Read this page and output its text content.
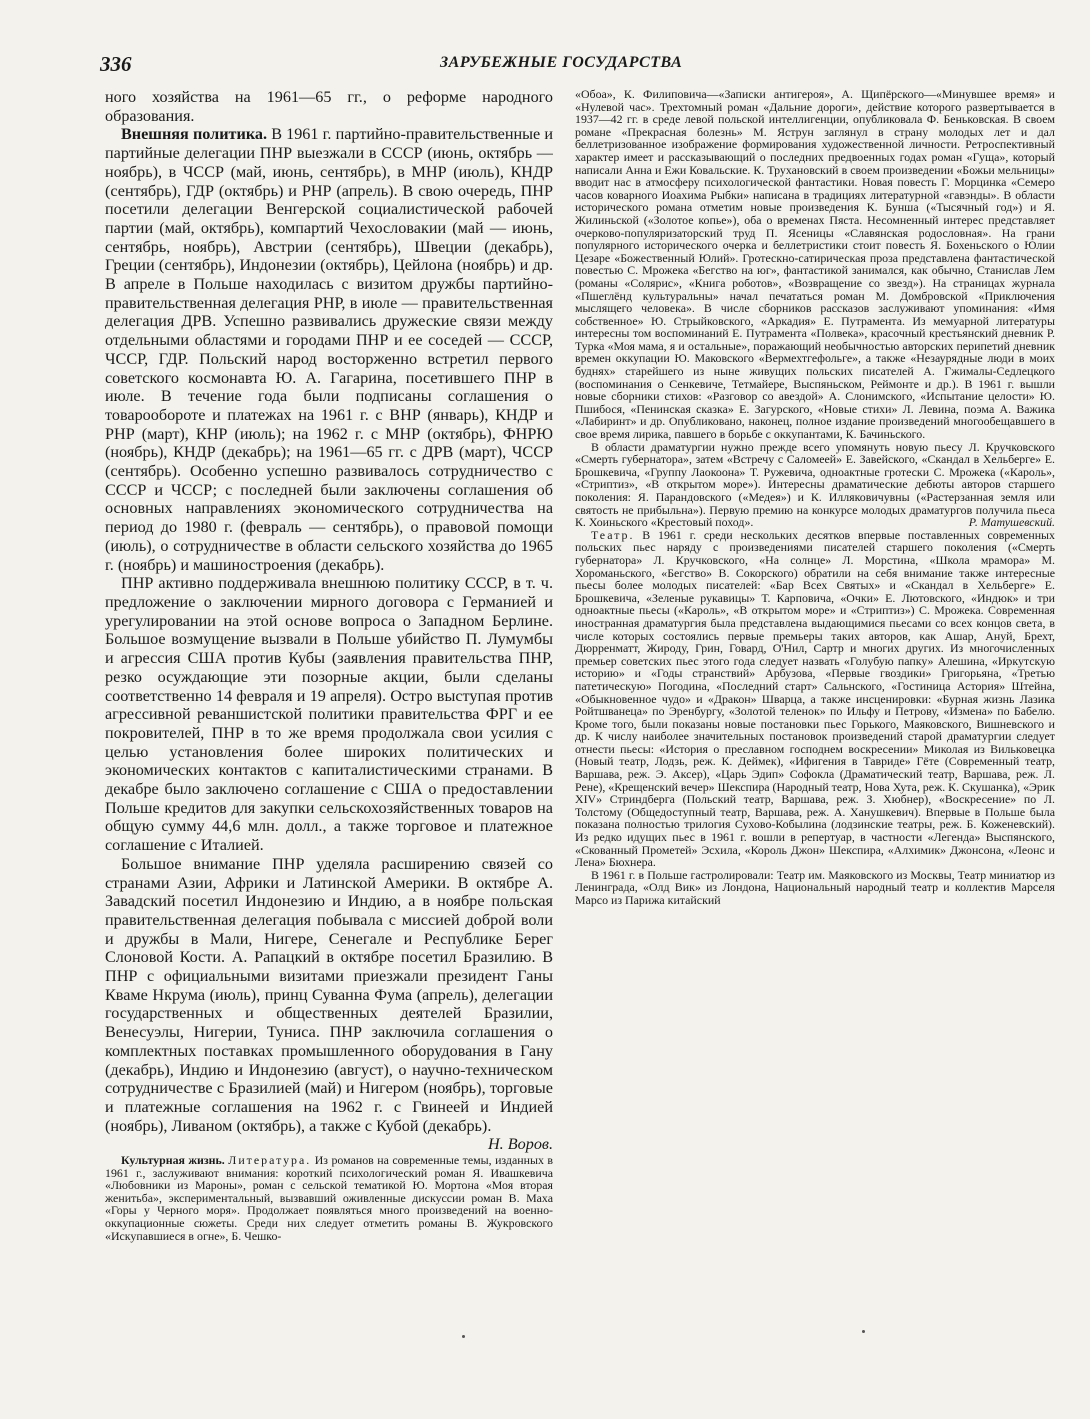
336	ЗАРУБЕЖНЫЕ ГОСУДАРСТВА

ного хозяйства на 1961—65 гг., о реформе народного образования.

Внешняя политика. В 1961 г. партийно-правительственные и партийные делегации ПНР выезжали в СССР (июнь, октябрь — ноябрь), в ЧССР (май, июнь, сентябрь), в МНР (июль), КНДР (сентябрь), ГДР (октябрь) и РНР (апрель). В свою очередь, ПНР посетили делегации Венгерской социалистической рабочей партии (май, октябрь), компартий Чехословакии (май — июнь, сентябрь, ноябрь), Австрии (сентябрь), Швеции (декабрь), Греции (сентябрь), Индонезии (октябрь), Цейлона (ноябрь) и др. В апреле в Польше находилась с визитом дружбы партийно-правительственная делегация РНР, в июле — правительственная делегация ДРВ. Успешно развивались дружеские связи между отдельными областями и городами ПНР и ее соседей — СССР, ЧССР, ГДР. Польский народ восторженно встретил первого советского космонавта Ю. А. Гагарина, посетившего ПНР в июле. В течение года были подписаны соглашения о товарообороте и платежах на 1961 г. с ВНР (январь), КНДР и РНР (март), КНР (июль); на 1962 г. с МНР (октябрь), ФНРЮ (ноябрь), КНДР (декабрь); на 1961—65 гг. с ДРВ (март), ЧССР (сентябрь). Особенно успешно развивалось сотрудничество с СССР и ЧССР; с последней были заключены соглашения об основных направлениях экономического сотрудничества на период до 1980 г. (февраль — сентябрь), о правовой помощи (июль), о сотрудничестве в области сельского хозяйства до 1965 г. (ноябрь) и машиностроения (декабрь).

ПНР активно поддерживала внешнюю политику СССР, в т. ч. предложение о заключении мирного договора с Германией и урегулировании на этой основе вопроса о Западном Берлине. Большое возмущение вызвали в Польше убийство П. Лумумбы и агрессия США против Кубы (заявления правительства ПНР, резко осуждающие эти позорные акции, были сделаны соответственно 14 февраля и 19 апреля). Остро выступая против агрессивной реваншистской политики правительства ФРГ и ее покровителей, ПНР в то же время продолжала свои усилия с целью установления более широких политических и экономических контактов с капиталистическими странами. В декабре было заключено соглашение с США о предоставлении Польше кредитов для закупки сельскохозяйственных товаров на общую сумму 44,6 млн. долл., а также торговое и платежное соглашение с Италией.

Большое внимание ПНР уделяла расширению связей со странами Азии, Африки и Латинской Америки. В октябре А. Завадский посетил Индонезию и Индию, а в ноябре польская правительственная делегация побывала с миссией доброй воли и дружбы в Мали, Нигере, Сенегале и Республике Берег Слоновой Кости. А. Рапацкий в октябре посетил Бразилию. В ПНР с официальными визитами приезжали президент Ганы Кваме Нкрума (июль), принц Суванна Фума (апрель), делегации государственных и общественных деятелей Бразилии, Венесуэлы, Нигерии, Туниса. ПНР заключила соглашения о комплектных поставках промышленного оборудования в Гану (декабрь), Индию и Индонезию (август), о научно-техническом сотрудничестве с Бразилией (май) и Нигером (ноябрь), торговые и платежные соглашения на 1962 г. с Гвинеей и Индией (ноябрь), Ливаном (октябрь), а также с Кубой (декабрь).

Н. Воров.

Культурная жизнь. Литература. Из романов на современные темы, изданных в 1961 г., заслуживают внимания: короткий психологический роман Я. Ивашкевича «Любовники из Мароны», роман с сельской тематикой Ю. Мортона «Моя вторая женитьба», экспериментальный, вызвавший оживленные дискуссии роман В. Маха «Горы у Черного моря». Продолжает появляться много произведений на военно-оккупационные сюжеты. Среди них следует отметить романы В. Жукровского «Искупавшиеся в огне», Б. Чешко-

«Обоа», К. Филиповича—«Записки антигероя», А. Щипёрского—«Минувшее время» и «Нулевой час». Трехтомный роман «Дальние дороги», действие которого развертывается в 1937—42 гг. в среде левой польской интеллигенции, опубликовала Ф. Беньковская. В своем романе «Прекрасная болезнь» М. Яструн заглянул в страну молодых лет и дал беллетризованное изображение формирования художественной личности. Ретроспективный характер имеет и рассказывающий о последних предвоенных годах роман «Гуща», который написали Анна и Ежи Ковальские. К. Трухановский в своем произведении «Божьи мельницы» вводит нас в атмосферу психологической фантастики. Новая повесть Г. Морцинка «Семеро часов коварного Иоахима Рыбки» написана в традициях литературной «гавэнды». В области исторического романа отметим новые произведения К. Бунша («Тысячный год») и Я. Жилиньской («Золотое копье»), оба о временах Пяста. Несомненный интерес представляет очерково-популяризаторский труд П. Ясеницы «Славянская родословная». На грани популярного исторического очерка и беллетристики стоит повесть Я. Бохеньского о Юлии Цезаре «Божественный Юлий». Гротескно-сатирическая проза представлена фантастической повестью С. Мрожека «Бегство на юг», фантастикой занимался, как обычно, Станислав Лем (романы «Солярис», «Книга роботов», «Возвращение со звезд»). На страницах журнала «Пшеглёнд культуральны» начал печататься роман М. Домбровской «Приключения мыслящего человека». В числе сборников рассказов заслуживают упоминания: «Имя собственное» Ю. Стрыйковского, «Аркадия» Е. Путрамента. Из мемуарной литературы интересны том воспоминаний Е. Путрамента «Полвека», красочный крестьянский дневник Р. Турка «Моя мама, я и остальные», поражающий необычностью авторских перипетий дневник времен оккупации Ю. Маковского «Вермехтгефольге», а также «Незаурядные люди в моих буднях» старейшего из ныне живущих польских писателей А. Гжималы-Седлецкого (воспоминания о Сенкевиче, Тетмайере, Выспяньском, Реймонте и др.). В 1961 г. вышли новые сборники стихов: «Разговор со авездой» А. Слонимского, «Испытание целости» Ю. Пшибося, «Пенинская сказка» Е. Загурского, «Новые стихи» Л. Левина, поэма А. Важика «Лабиринт» и др. Опубликовано, наконец, полное издание произведений многообещавшего в свое время лирика, павшего в борьбе с оккупантами, К. Бачиньского.

В области драматургии нужно прежде всего упомянуть новую пьесу Л. Кручковского «Смерть губернатора», затем «Встречу с Саломеей» Е. Завейского, «Скандал в Хельберге» Е. Брошкевича, «Группу Лаокоона» Т. Ружевича, одноактные гротески С. Мрожека («Кароль», «Стриптиз», «В открытом море»). Интересны драматические дебюты авторов старшего поколения: Я. Парандовского («Медея») и К. Илляковичувны («Растерзанная земля или святость не прибыльна»). Первую премию на конкурсе молодых драматургов получила пьеса К. Хоиньского «Крестовый поход».	Р. Матушевский.

Театр. В 1961 г. среди нескольких десятков впервые поставленных современных польских пьес наряду с произведениями писателей старшего поколения («Смерть губернатора» Л. Кручковского, «На солнце» Л. Морстина, «Школа мрамора» М. Хороманьского, «Бегство» В. Сокорского) обратили на себя внимание также интересные пьесы более молодых писателей: «Бар Всех Святых» и «Скандал в Хельберге» Е. Брошкевича, «Зеленые рукавицы» Т. Карповича, «Очки» Е. Лютовского, «Индюк» и три одноактные пьесы («Кароль», «В открытом море» и «Стриптиз») С. Мрожека. Современная иностранная драматургия была представлена выдающимися пьесами со всех концов света, в числе которых состоялись первые премьеры таких авторов, как Ашар, Ануй, Брехт, Дюрренматт, Жироду, Грин, Говард, О'Нил, Сартр и многих других. Из многочисленных премьер советских пьес этого года следует назвать «Голубую папку» Алешина, «Иркутскую историю» и «Годы странствий» Арбузова, «Первые гвоздики» Григорьяна, «Третью патетическую» Погодина, «Последний старт» Сальнского, «Гостиница Астория» Штейна, «Обыкновенное чудо» и «Дракон» Шварца, а также инсценировки: «Бурная жизнь Лазика Ройтшванеца» по Эренбургу, «Золотой теленок» по Ильфу и Петрову, «Измена» по Бабелю. Кроме того, были показаны новые постановки пьес Горького, Маяковского, Вишневского и др. К числу наиболее значительных постановок произведений старой драматургии следует отнести пьесы: «История о преславном господнем воскресении» Миколая из Вильковецка (Новый театр, Лодзь, реж. К. Деймек), «Ифигения в Тавриде» Гёте (Современный театр, Варшава, реж. Э. Аксер), «Царь Эдип» Софокла (Драматический театр, Варшава, реж. Л. Рене), «Крещенский вечер» Шекспира (Народный театр, Нова Хута, реж. К. Скушанка), «Эрик XIV» Стриндберга (Польский театр, Варшава, реж. З. Хюбнер), «Воскресение» по Л. Толстому (Общедоступный театр, Варшава, реж. А. Ханушкевич). Впервые в Польше была показана полностью трилогия Сухово-Кобылина (лодзинские театры, реж. Б. Коженевский). Из редко идущих пьес в 1961 г. вошли в репертуар, в частности «Легенда» Выспянского, «Скованный Прометей» Эсхила, «Король Джон» Шекспира, «Алхимик» Джонсона, «Леонс и Лена» Бюхнера.

В 1961 г. в Польше гастролировали: Театр им. Маяковского из Москвы, Театр миниатюр из Ленинграда, «Олд Вик» из Лондона, Национальный народный театр и коллектив Марселя Марсо из Парижа китайский
